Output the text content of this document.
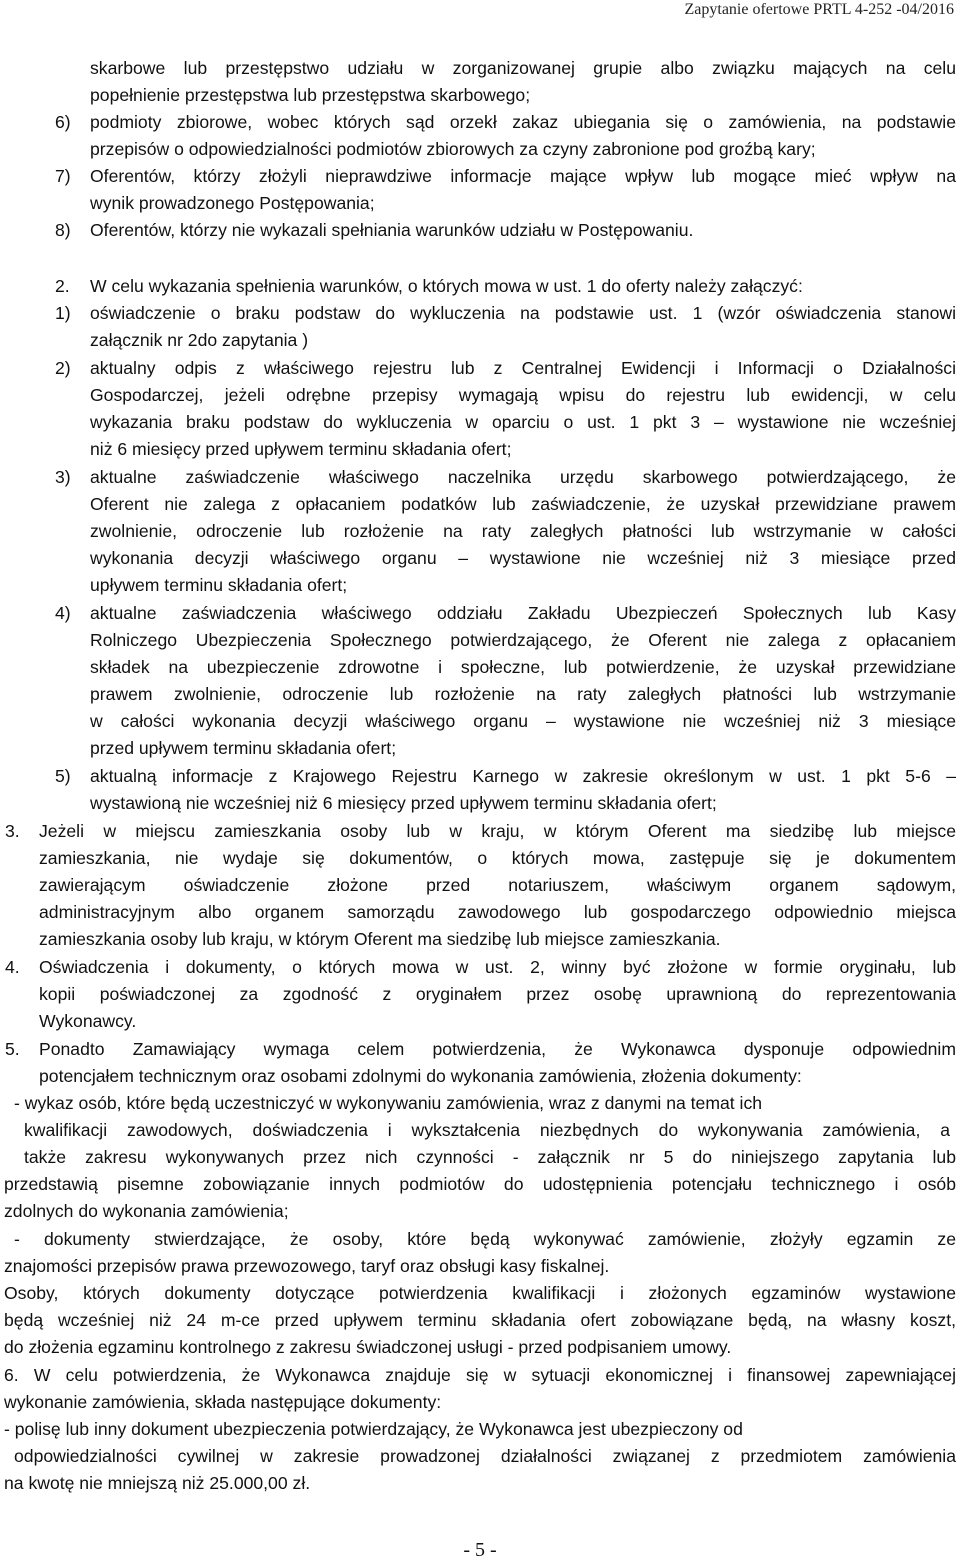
Zapytanie ofertowe PRTL 4-252 -04/2016
skarbowe lub przestępstwo udziału w zorganizowanej grupie albo związku mających na celu
popełnienie przestępstwa lub przestępstwa skarbowego;
6) podmioty zbiorowe, wobec których sąd orzekł zakaz ubiegania się o zamówienia, na podstawie
przepisów o odpowiedzialności podmiotów zbiorowych za czyny zabronione pod groźbą kary;
7) Oferentów, którzy złożyli nieprawdziwe informacje mające wpływ lub mogące mieć wpływ na
wynik prowadzonego Postępowania;
8) Oferentów, którzy nie wykazali spełniania warunków udziału w Postępowaniu.
2. W celu wykazania spełnienia warunków, o których mowa w ust. 1 do oferty należy załączyć:
1) oświadczenie o braku podstaw do wykluczenia na podstawie ust. 1 (wzór oświadczenia stanowi
załącznik nr 2do zapytania )
2) aktualny odpis z właściwego rejestru lub z Centralnej Ewidencji i Informacji o Działalności
Gospodarczej, jeżeli odrębne przepisy wymagają wpisu do rejestru lub ewidencji, w celu
wykazania braku podstaw do wykluczenia w oparciu o ust. 1 pkt 3 – wystawione nie wcześniej
niż 6 miesięcy przed upływem terminu składania ofert;
3) aktualne zaświadczenie właściwego naczelnika urzędu skarbowego potwierdzającego, że
Oferent nie zalega z opłacaniem podatków lub zaświadczenie, że uzyskał przewidziane prawem
zwolnienie, odroczenie lub rozłożenie na raty zaległych płatności lub wstrzymanie w całości
wykonania decyzji właściwego organu – wystawione nie wcześniej niż 3 miesiące przed
upływem terminu składania ofert;
4) aktualne zaświadczenia właściwego oddziału Zakładu Ubezpieczeń Społecznych lub Kasy
Rolniczego Ubezpieczenia Społecznego potwierdzającego, że Oferent nie zalega z opłacaniem
składek na ubezpieczenie zdrowotne i społeczne, lub potwierdzenie, że uzyskał przewidziane
prawem zwolnienie, odroczenie lub rozłożenie na raty zaległych płatności lub wstrzymanie
w całości wykonania decyzji właściwego organu – wystawione nie wcześniej niż 3 miesiące
przed upływem terminu składania ofert;
5) aktualną informacje z Krajowego Rejestru Karnego w zakresie określonym w ust. 1 pkt 5-6 –
wystawioną nie wcześniej niż 6 miesięcy przed upływem terminu składania ofert;
3. Jeżeli w miejscu zamieszkania osoby lub w kraju, w którym Oferent ma siedzibę lub miejsce
zamieszkania, nie wydaje się dokumentów, o których mowa, zastępuje się je dokumentem
zawierającym oświadczenie złożone przed notariuszem, właściwym organem sądowym,
administracyjnym albo organem samorządu zawodowego lub gospodarczego odpowiednio miejsca
zamieszkania osoby lub kraju, w którym Oferent ma siedzibę lub miejsce zamieszkania.
4. Oświadczenia i dokumenty, o których mowa w ust. 2, winny być złożone w formie oryginału, lub
kopii poświadczonej za zgodność z oryginałem przez osobę uprawnioną do reprezentowania
Wykonawcy.
5. Ponadto Zamawiający wymaga celem potwierdzenia, że Wykonawca dysponuje odpowiednim
potencjałem technicznym oraz osobami zdolnymi do wykonania zamówienia, złożenia dokumenty:
- wykaz osób, które będą uczestniczyć w wykonywaniu zamówienia, wraz z danymi na temat ich
kwalifikacji zawodowych, doświadczenia i wykształcenia niezbędnych do wykonywania zamówienia, a
także zakresu wykonywanych przez nich czynności - załącznik nr 5 do niniejszego zapytania lub
przedstawią pisemne zobowiązanie innych podmiotów do udostępnienia potencjału technicznego i osób
zdolnych do wykonania zamówienia;
- dokumenty stwierdzające, że osoby, które będą wykonywać zamówienie, złożyły egzamin ze
znajomości przepisów prawa przewozowego, taryf oraz obsługi kasy fiskalnej.
Osoby, których dokumenty dotyczące potwierdzenia kwalifikacji i złożonych egzaminów wystawione
będą wcześniej niż 24 m-ce przed upływem terminu składania ofert zobowiązane będą, na własny koszt,
do złożenia egzaminu kontrolnego z zakresu świadczonej usługi - przed podpisaniem umowy.
6. W celu potwierdzenia, że Wykonawca znajduje się w sytuacji ekonomicznej i finansowej zapewniającej
wykonanie zamówienia, składa następujące dokumenty:
- polisę lub inny dokument ubezpieczenia potwierdzający, że Wykonawca jest ubezpieczony od
odpowiedzialności cywilnej w zakresie prowadzonej działalności związanej z przedmiotem zamówienia
na kwotę nie mniejszą niż 25.000,00 zł.
- 5 -
